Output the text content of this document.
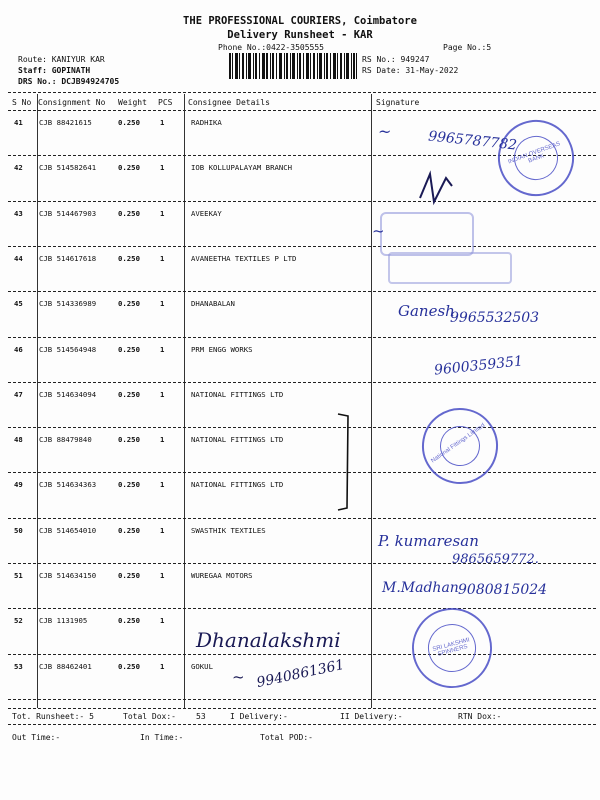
THE PROFESSIONAL COURIERS, Coimbatore
Delivery Runsheet - KAR
Phone No.:0422-3505555	Page No.:5
Route: KANIYUR KAR
Staff: GOPINATH
DRS No.: DCJB94924705
RS No.: 949247
RS Date: 31-May-2022
S No Consignment No Weight PCS Consignee Details	Signature
41 CJB 88421615	0.250	1	RADHIKA
42 CJB 514582641	0.250	1	IOB KOLLUPALAYAM BRANCH
43 CJB 514467903	0.250	1	AVEEKAY
44 CJB 514617618	0.250	1	AVANEETHA TEXTILES P LTD
45 CJB 514336989	0.250	1	DHANABALAN
46 CJB 514564948	0.250	1	PRM ENGG WORKS
47 CJB 514634094	0.250	1	NATIONAL FITTINGS LTD
48 CJB 88479840	0.250	1	NATIONAL FITTINGS LTD
49 CJB 514634363	0.250	1	NATIONAL FITTINGS LTD
50 CJB 514654010	0.250	1	SWASTHIK TEXTILES
51 CJB 514634150	0.250	1	WUREGAA MOTORS
52 CJB 1131905	0.250	1
53 CJB 88462401	0.250	1	GOKUL
Tot. Runsheet:- 5	Total Dox:-	53	I Delivery:-	II Delivery:-	RTN Dox:-
Out Time:-	In Time:-	Total POD:-
INDIAN OVERSEAS BANK
National Fittings Limited
SRI LAKSHMI SPINNERS
9965787782
~
~
Ganesh
9965532503
9600359351
P. kumaresan
9865659772.
M.Madhan 9080815024
Dhanalakshmi
9940861361
~
